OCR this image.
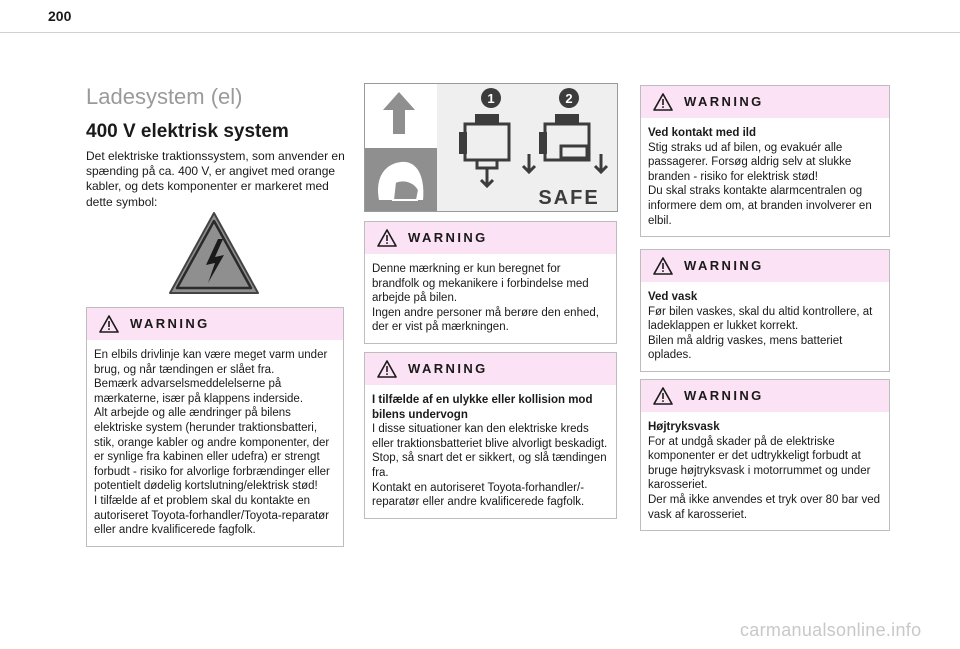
200
Ladesystem (el)
400 V elektrisk system
Det elektriske traktionssystem, som anvender en spænding på ca. 400 V, er angivet med orange kabler, og dets komponenter er markeret med dette symbol:
WARNING
En elbils drivlinje kan være meget varm under brug, og når tændingen er slået fra.
Bemærk advarselsmeddelelserne på mærkaterne, især på klappens inderside.
Alt arbejde og alle ændringer på bilens elektriske system (herunder traktionsbatteri, stik, orange kabler og andre komponenter, der er synlige fra kabinen eller udefra) er strengt forbudt - risiko for alvorlige forbrændinger eller potentielt dødelig kortslutning/elektrisk stød!
I tilfælde af et problem skal du kontakte en autoriseret Toyota-forhandler/Toyota-reparatør eller andre kvalificerede fagfolk.
1	2
SAFE
WARNING
Denne mærkning er kun beregnet for brandfolk og mekanikere i forbindelse med arbejde på bilen.
Ingen andre personer må berøre den enhed, der er vist på mærkningen.
WARNING
I tilfælde af en ulykke eller kollision mod bilens undervogn
I disse situationer kan den elektriske kreds eller traktionsbatteriet blive alvorligt beskadigt.
Stop, så snart det er sikkert, og slå tændingen fra.
Kontakt en autoriseret Toyota-forhandler/-reparatør eller andre kvalificerede fagfolk.
WARNING
Ved kontakt med ild
Stig straks ud af bilen, og evakuér alle passagerer. Forsøg aldrig selv at slukke branden - risiko for elektrisk stød!
Du skal straks kontakte alarmcentralen og informere dem om, at branden involverer en elbil.
WARNING
Ved vask
Før bilen vaskes, skal du altid kontrollere, at ladeklappen er lukket korrekt.
Bilen må aldrig vaskes, mens batteriet oplades.
WARNING
Højtryksvask
For at undgå skader på de elektriske komponenter er det udtrykkeligt forbudt at bruge højtryksvask i motorrummet og under karosseriet.
Der må ikke anvendes et tryk over 80 bar ved vask af karosseriet.
carmanualsonline.info
